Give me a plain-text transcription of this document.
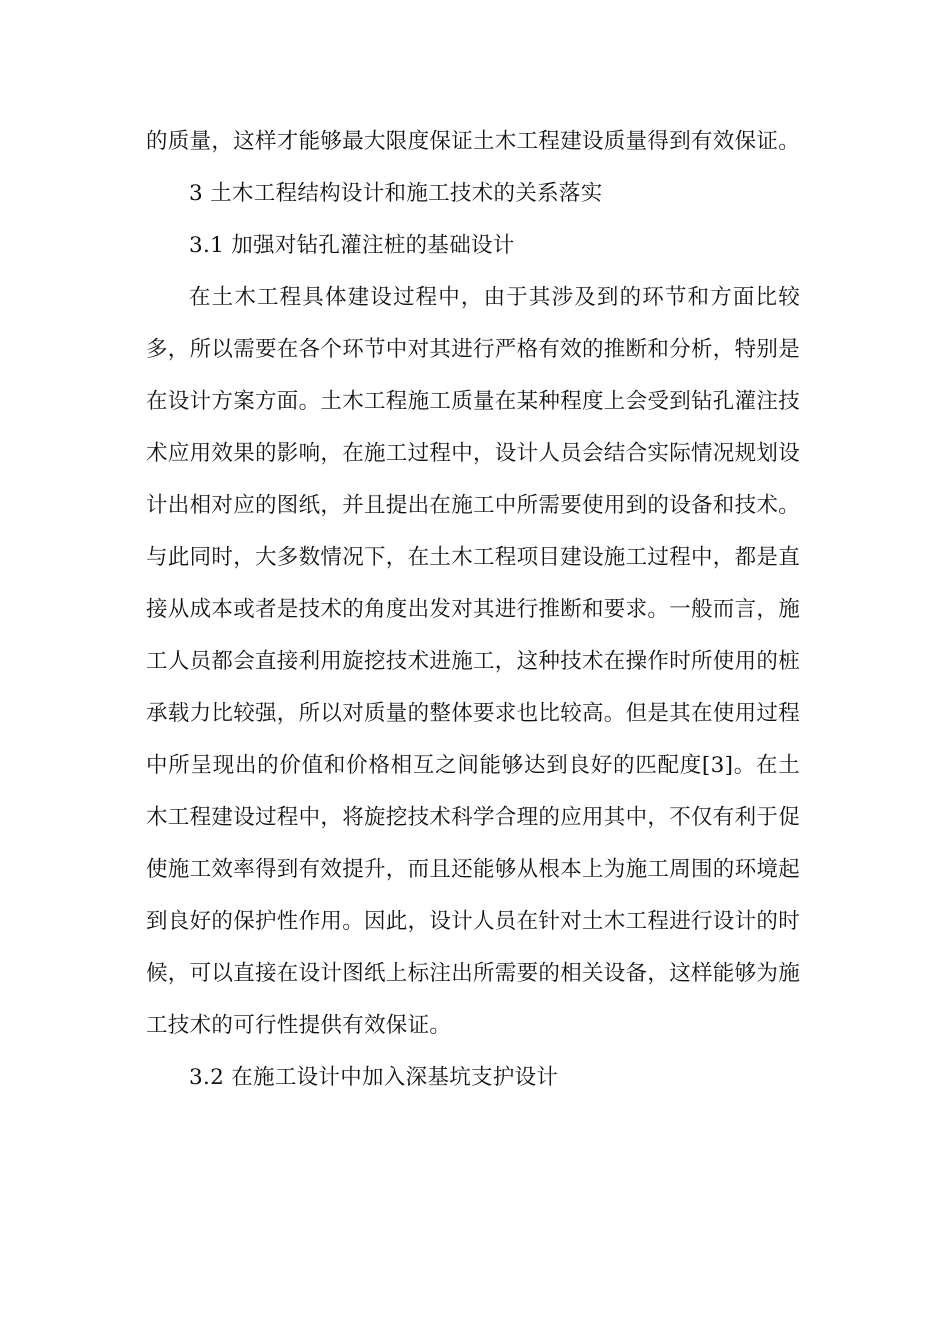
的质量，这样才能够最大限度保证土木工程建设质量得到有效保证。

3 土木工程结构设计和施工技术的关系落实

3.1 加强对钻孔灌注桩的基础设计

在土木工程具体建设过程中，由于其涉及到的环节和方面比较多，所以需要在各个环节中对其进行严格有效的推断和分析，特别是在设计方案方面。土木工程施工质量在某种程度上会受到钻孔灌注技术应用效果的影响，在施工过程中，设计人员会结合实际情况规划设计出相对应的图纸，并且提出在施工中所需要使用到的设备和技术。与此同时，大多数情况下，在土木工程项目建设施工过程中，都是直接从成本或者是技术的角度出发对其进行推断和要求。一般而言，施工人员都会直接利用旋挖技术进施工，这种技术在操作时所使用的桩承载力比较强，所以对质量的整体要求也比较高。但是其在使用过程中所呈现出的价值和价格相互之间能够达到良好的匹配度[3]。在土木工程建设过程中，将旋挖技术科学合理的应用其中，不仅有利于促使施工效率得到有效提升，而且还能够从根本上为施工周围的环境起到良好的保护性作用。因此，设计人员在针对土木工程进行设计的时候，可以直接在设计图纸上标注出所需要的相关设备，这样能够为施工技术的可行性提供有效保证。

3.2 在施工设计中加入深基坑支护设计
